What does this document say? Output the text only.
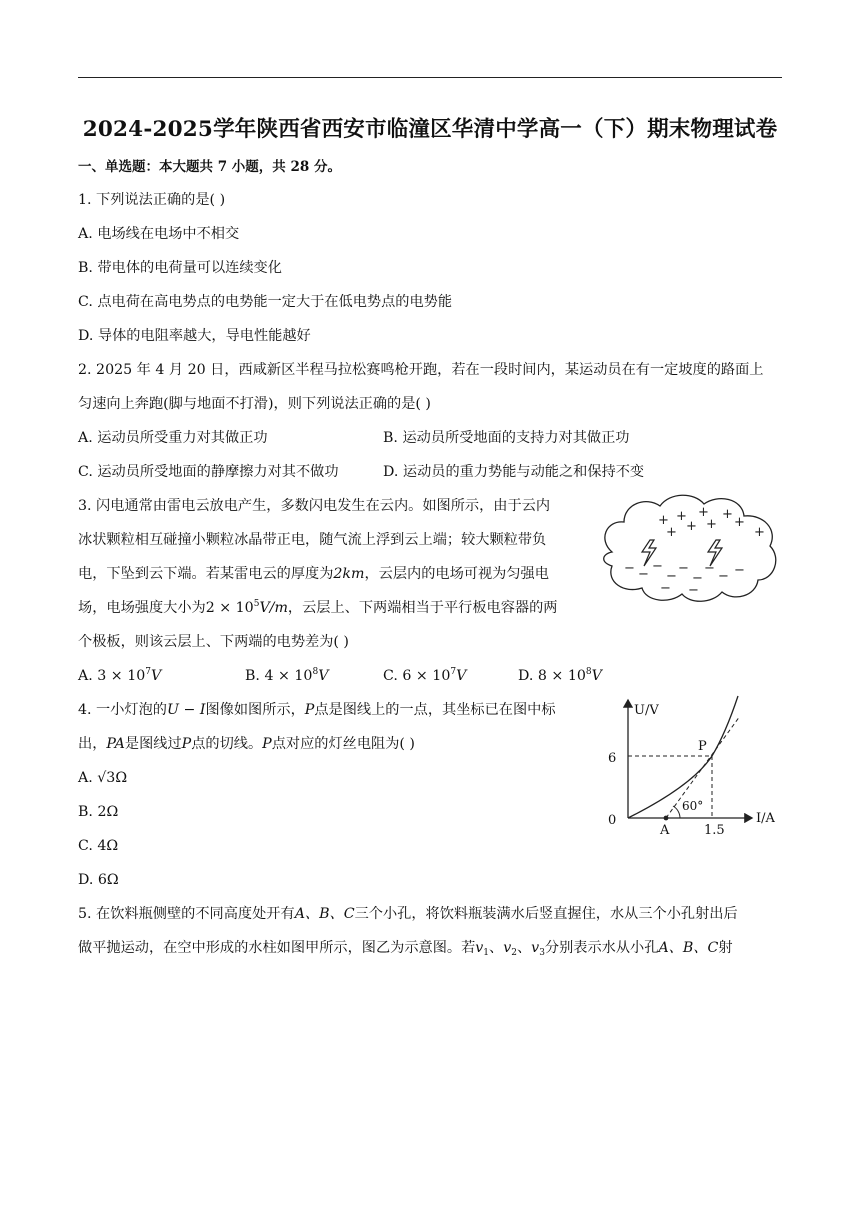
2024-2025学年陕西省西安市临潼区华清中学高一（下）期末物理试卷
一、单选题：本大题共 7 小题，共 28 分。
1. 下列说法正确的是( )
A. 电场线在电场中不相交
B. 带电体的电荷量可以连续变化
C. 点电荷在高电势点的电势能一定大于在低电势点的电势能
D. 导体的电阻率越大，导电性能越好
2. 2025 年 4 月 20 日，西咸新区半程马拉松赛鸣枪开跑，若在一段时间内，某运动员在有一定坡度的路面上
匀速向上奔跑(脚与地面不打滑)，则下列说法正确的是( )
A. 运动员所受重力对其做正功	B. 运动员所受地面的支持力对其做正功
C. 运动员所受地面的静摩擦力对其不做功	D. 运动员的重力势能与动能之和保持不变
3. 闪电通常由雷电云放电产生，多数闪电发生在云内。如图所示，由于云内
冰状颗粒相互碰撞小颗粒冰晶带正电，随气流上浮到云上端；较大颗粒带负
电，下坠到云下端。若某雷电云的厚度为2km，云层内的电场可视为匀强电
场，电场强度大小为$2 \times 10^5V/m$，云层上、下两端相当于平行板电容器的两
个极板，则该云层上、下两端的电势差为( )
A. $3 \times 10^7V$	B. $4 \times 10^8V$	C. $6 \times 10^7V$	D. $8 \times 10^8V$
+ + + +
+ + +
+
+
− −
−
−
−
−
−
− −
− −
4. 一小灯泡的U − I图像如图所示，P点是图线上的一点，其坐标已在图中标
出，PA是图线过P点的切线。P点对应的灯丝电阻为( )
A. √3Ω
B. 2Ω
C. 4Ω
D. 6Ω
U/V
I/A
0
6
1.5
P
A
60°
5. 在饮料瓶侧壁的不同高度处开有A、B、C三个小孔，将饮料瓶装满水后竖直握住，水从三个小孔射出后
做平抛运动，在空中形成的水柱如图甲所示，图乙为示意图。若$v_1$、$v_2$、$v_3$分别表示水从小孔A、B、C射
